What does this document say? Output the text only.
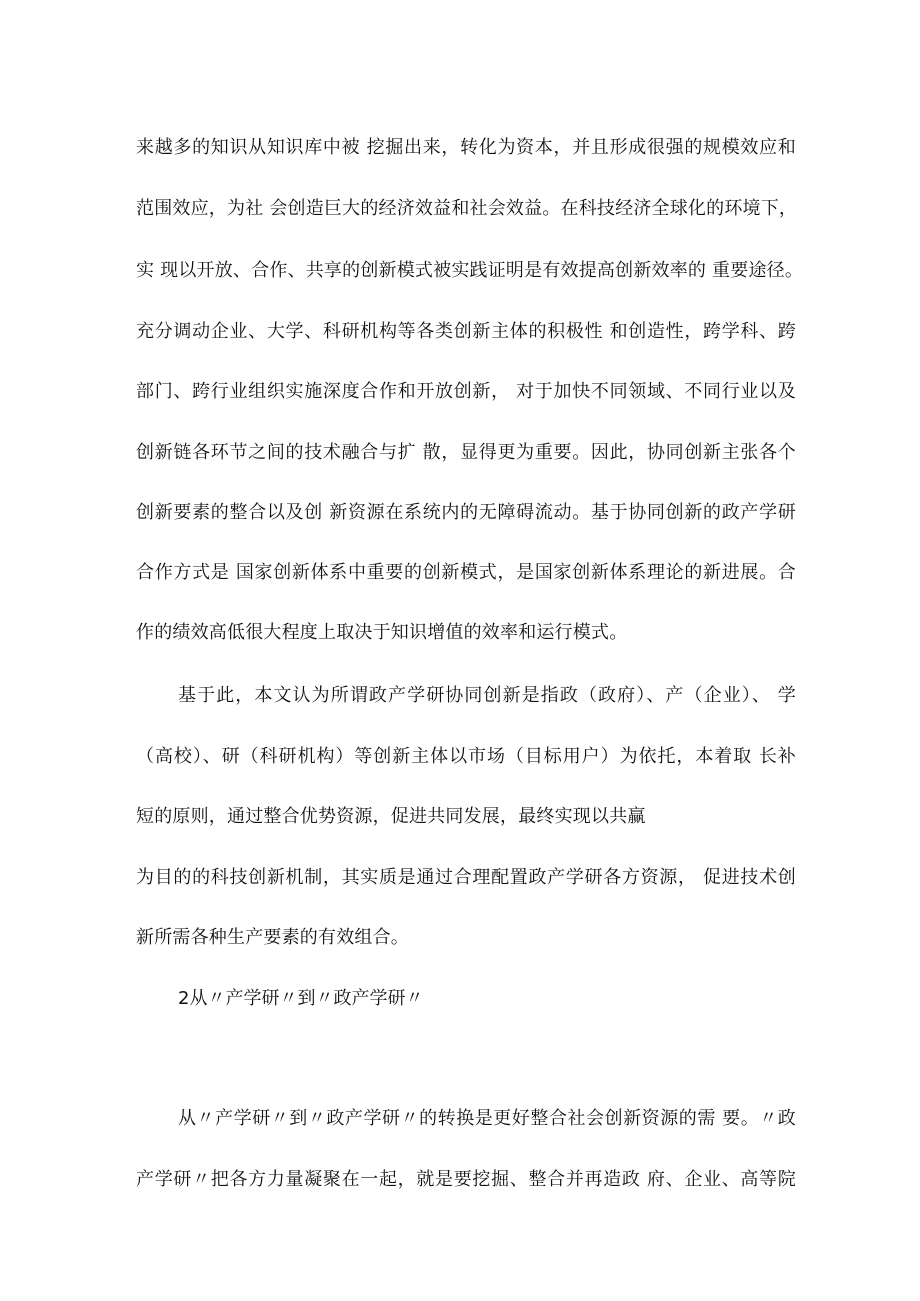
来越多的知识从知识库中被 挖掘出来，转化为资本，并且形成很强的规模效应和
范围效应，为社 会创造巨大的经济效益和社会效益。在科技经济全球化的环境下，
实 现以开放、合作、共享的创新模式被实践证明是有效提高创新效率的 重要途径。
充分调动企业、大学、科研机构等各类创新主体的积极性 和创造性，跨学科、跨
部门、跨行业组织实施深度合作和开放创新， 对于加快不同领域、不同行业以及
创新链各环节之间的技术融合与扩 散，显得更为重要。因此，协同创新主张各个
创新要素的整合以及创 新资源在系统内的无障碍流动。基于协同创新的政产学研
合作方式是 国家创新体系中重要的创新模式，是国家创新体系理论的新进展。合
作的绩效高低很大程度上取决于知识增值的效率和运行模式。
基于此，本文认为所谓政产学研协同创新是指政（政府）、产（企业）、 学
（高校）、研（科研机构）等创新主体以市场（目标用户）为依托，本着取 长补
短的原则，通过整合优势资源，促进共同发展，最终实现以共赢
为目的的科技创新机制，其实质是通过合理配置政产学研各方资源， 促进技术创
新所需各种生产要素的有效组合。
2从〃产学研〃到〃政产学研〃
从〃产学研〃到〃政产学研〃的转换是更好整合社会创新资源的需 要。〃政
产学研〃把各方力量凝聚在一起，就是要挖掘、整合并再造政 府、企业、高等院
